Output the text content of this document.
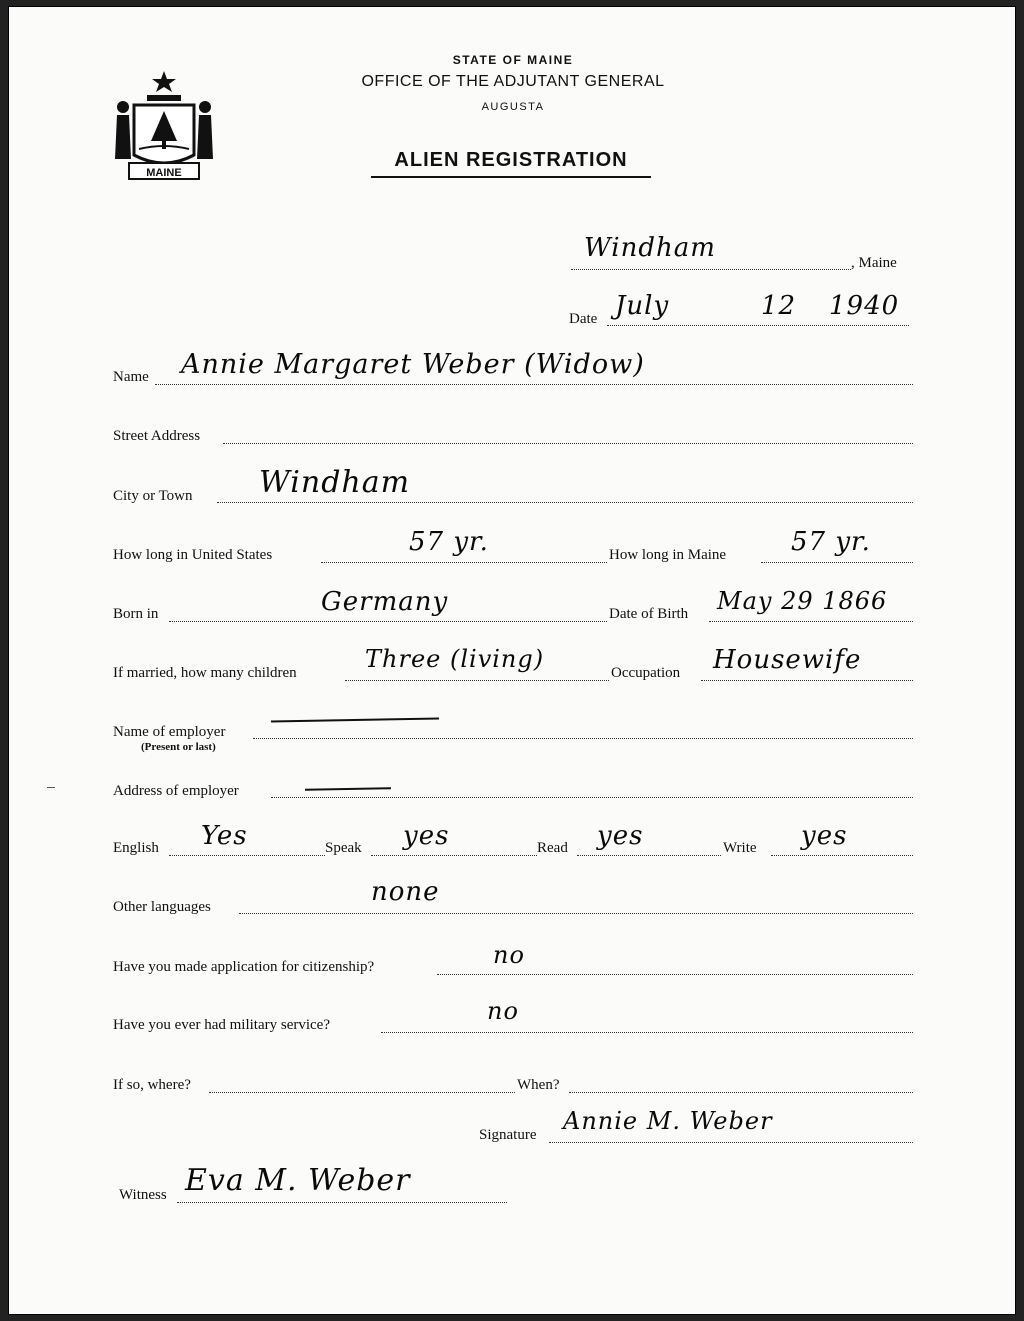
MAINE
STATE OF MAINE
OFFICE OF THE ADJUTANT GENERAL
AUGUSTA
ALIEN REGISTRATION
Windham	, Maine
Date July	12 1940
Name Annie Margaret Weber (Widow)
Street Address
City or Town Windham
How long in United States	57 yr.	How long in Maine 57 yr.
Born in	Germany	Date of Birth May 29 1866
If married, how many children	Three (living)	Occupation Housewife
Name of employer
(Present or last)
Address of employer
English Yes	Speak yes	Read yes	Write yes
Other languages	none
Have you made application for citizenship?	no
Have you ever had military service?	no
If so, where?	When?
Signature Annie M. Weber
Witness Eva M. Weber
